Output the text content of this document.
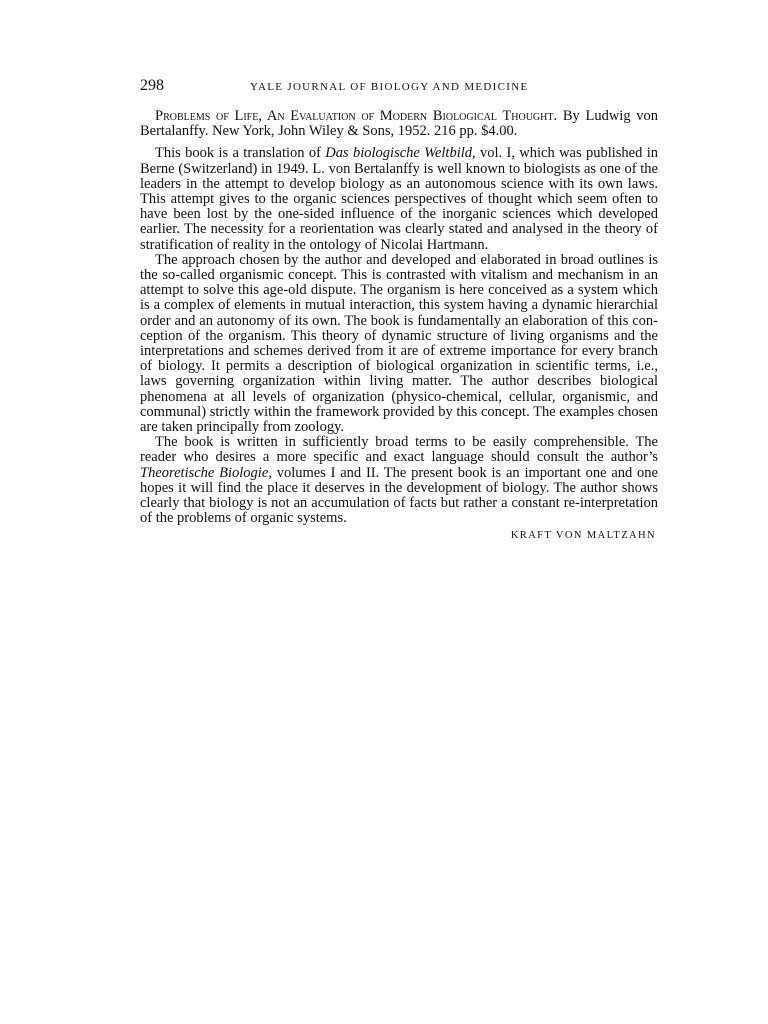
298	YALE JOURNAL OF BIOLOGY AND MEDICINE

Problems of Life, An Evaluation of Modern Biological Thought. By Ludwig von Bertalanffy. New York, John Wiley & Sons, 1952. 216 pp. $4.00.

This book is a translation of Das biologische Weltbild, vol. I, which was published in Berne (Switzerland) in 1949. L. von Bertalanffy is well known to biologists as one of the leaders in the attempt to develop biology as an autonomous science with its own laws. This attempt gives to the organic sciences perspectives of thought which seem often to have been lost by the one-sided influence of the inorganic sciences which developed earlier. The necessity for a reorientation was clearly stated and analysed in the theory of stratification of reality in the ontology of Nicolai Hartmann.

The approach chosen by the author and developed and elaborated in broad outlines is the so-called organismic concept. This is contrasted with vitalism and mechanism in an attempt to solve this age-old dispute. The organism is here conceived as a system which is a complex of elements in mutual interaction, this system having a dynamic hierarchial order and an autonomy of its own. The book is fundamentally an elaboration of this conception of the organism. This theory of dynamic structure of living organisms and the interpretations and schemes derived from it are of extreme importance for every branch of biology. It permits a description of biological organization in scientific terms, i.e., laws governing organization within living matter. The author describes biological phenomena at all levels of organization (physico-chemical, cellular, organismic, and communal) strictly within the framework provided by this concept. The examples chosen are taken principally from zoology.

The book is written in sufficiently broad terms to be easily comprehensible. The reader who desires a more specific and exact language should consult the author’s Theoretische Biologie, volumes I and II. The present book is an important one and one hopes it will find the place it deserves in the development of biology. The author shows clearly that biology is not an accumulation of facts but rather a constant re-interpretation of the problems of organic systems.

KRAFT VON MALTZAHN
